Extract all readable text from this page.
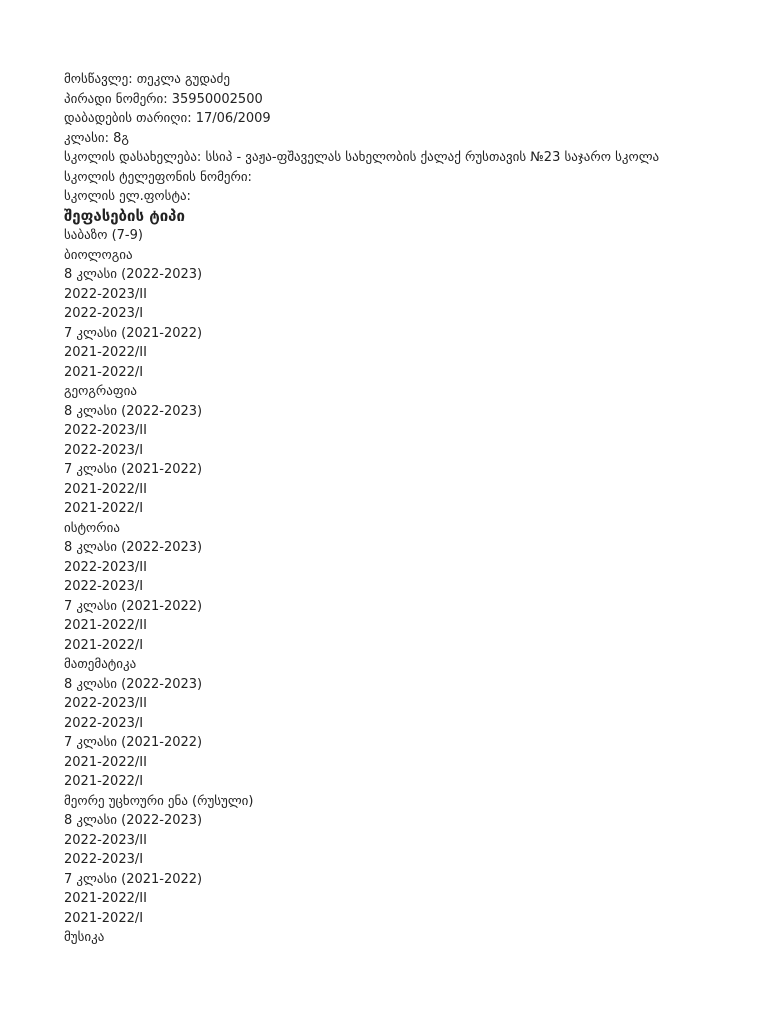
მოსწავლე: თეკლა გუდაძე
პირადი ნომერი: 35950002500
დაბადების თარიღი: 17/06/2009
კლასი: 8გ
სკოლის დასახელება: სსიპ - ვაჟა-ფშაველას სახელობის ქალაქ რუსთავის №23 საჯარო სკოლა
სკოლის ტელეფონის ნომერი:
სკოლის ელ.ფოსტა:
შეფასების ტიპი
საბაზო (7-9)
ბიოლოგია
8 კლასი (2022-2023)
2022-2023/II
2022-2023/I
7 კლასი (2021-2022)
2021-2022/II
2021-2022/I
გეოგრაფია
8 კლასი (2022-2023)
2022-2023/II
2022-2023/I
7 კლასი (2021-2022)
2021-2022/II
2021-2022/I
ისტორია
8 კლასი (2022-2023)
2022-2023/II
2022-2023/I
7 კლასი (2021-2022)
2021-2022/II
2021-2022/I
მათემატიკა
8 კლასი (2022-2023)
2022-2023/II
2022-2023/I
7 კლასი (2021-2022)
2021-2022/II
2021-2022/I
მეორე უცხოური ენა (რუსული)
8 კლასი (2022-2023)
2022-2023/II
2022-2023/I
7 კლასი (2021-2022)
2021-2022/II
2021-2022/I
მუსიკა
